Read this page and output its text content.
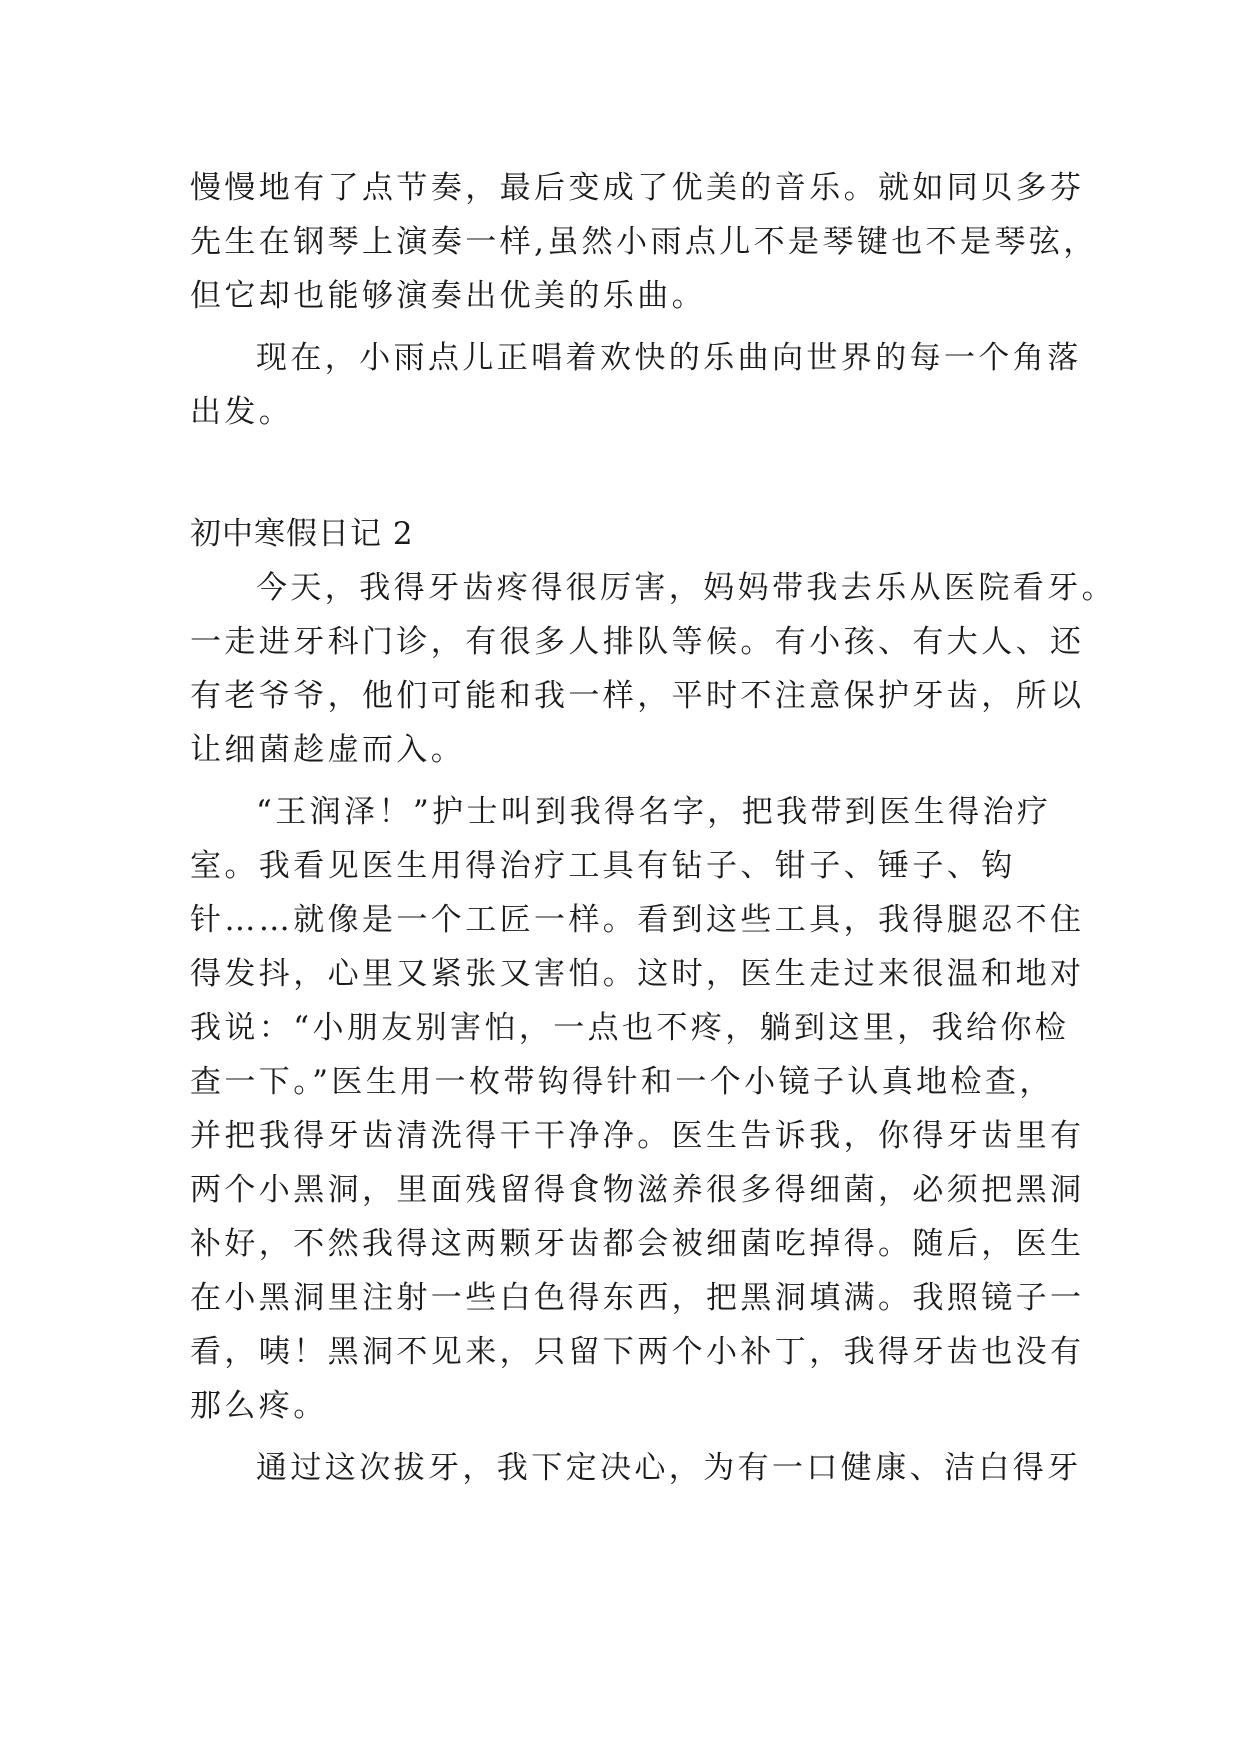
慢慢地有了点节奏，最后变成了优美的音乐。就如同贝多芬
先生在钢琴上演奏一样,虽然小雨点儿不是琴键也不是琴弦，
但它却也能够演奏出优美的乐曲。
现在，小雨点儿正唱着欢快的乐曲向世界的每一个角落
出发。
初中寒假日记 2
今天，我得牙齿疼得很厉害，妈妈带我去乐从医院看牙。
一走进牙科门诊，有很多人排队等候。有小孩、有大人、还
有老爷爷，他们可能和我一样，平时不注意保护牙齿，所以
让细菌趁虚而入。
“王润泽！”护士叫到我得名字，把我带到医生得治疗
室。我看见医生用得治疗工具有钻子、钳子、锤子、钩
针……就像是一个工匠一样。看到这些工具，我得腿忍不住
得发抖，心里又紧张又害怕。这时，医生走过来很温和地对
我说：“小朋友别害怕，一点也不疼，躺到这里，我给你检
查一下。”医生用一枚带钩得针和一个小镜子认真地检查，
并把我得牙齿清洗得干干净净。医生告诉我，你得牙齿里有
两个小黑洞，里面残留得食物滋养很多得细菌，必须把黑洞
补好，不然我得这两颗牙齿都会被细菌吃掉得。随后，医生
在小黑洞里注射一些白色得东西，把黑洞填满。我照镜子一
看，咦！黑洞不见来，只留下两个小补丁，我得牙齿也没有
那么疼。
通过这次拔牙，我下定决心，为有一口健康、洁白得牙
